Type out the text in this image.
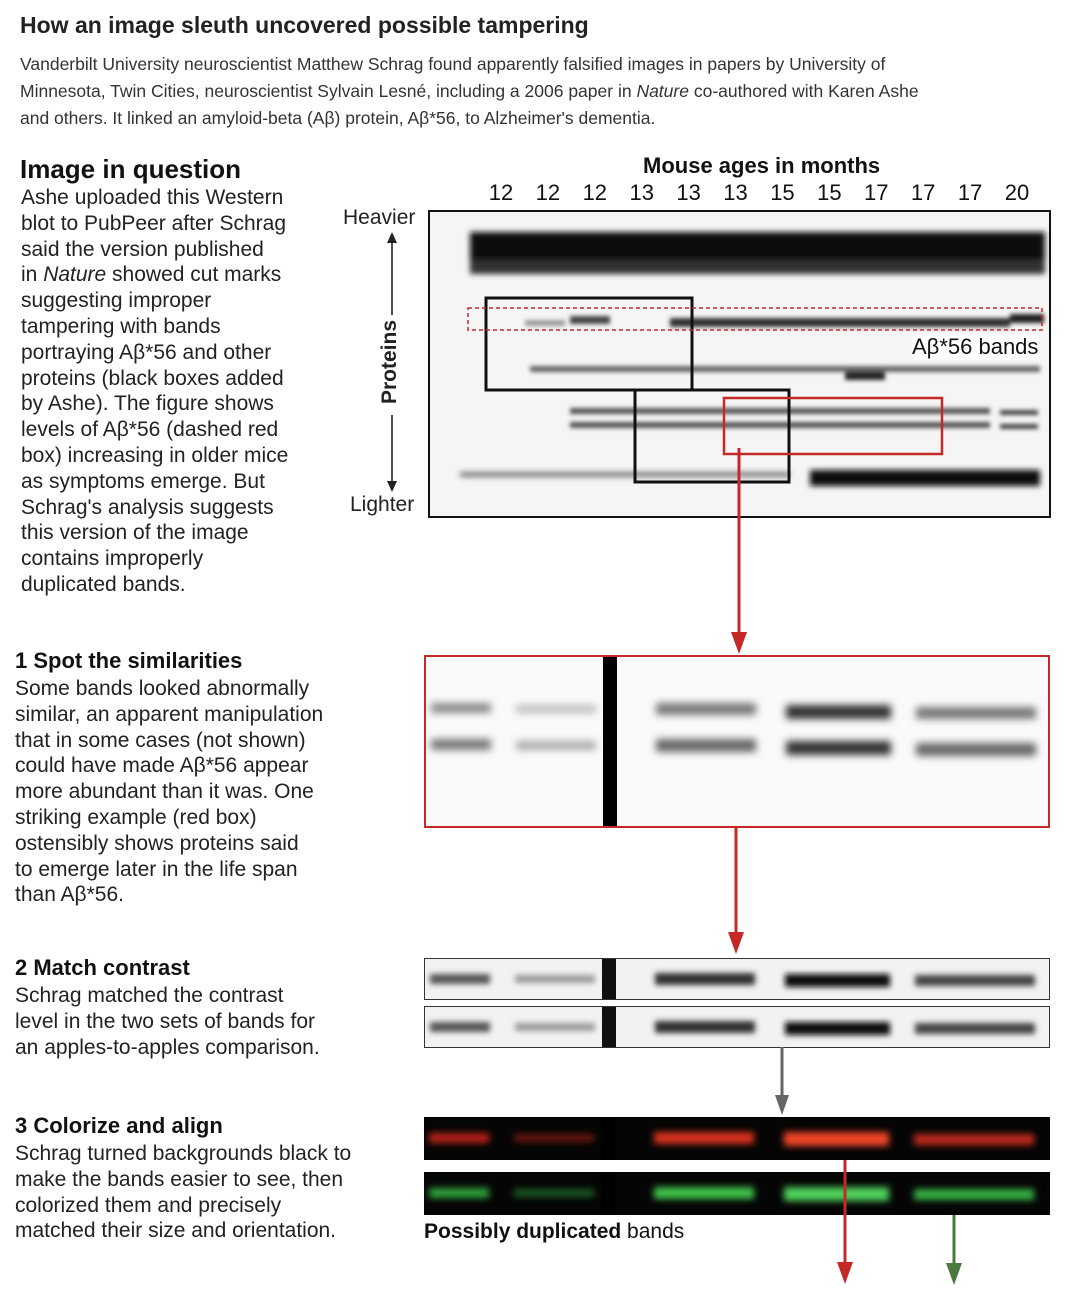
How an image sleuth uncovered possible tampering
Vanderbilt University neuroscientist Matthew Schrag found apparently falsified images in papers by University of
Minnesota, Twin Cities, neuroscientist Sylvain Lesné, including a 2006 paper in Nature co-authored with Karen Ashe
and others. It linked an amyloid-beta (Aβ) protein, Aβ*56, to Alzheimer's dementia.
Image in question
Ashe uploaded this Western
blot to PubPeer after Schrag
said the version published
in Nature showed cut marks
suggesting improper
tampering with bands
portraying Aβ*56 and other
proteins (black boxes added
by Ashe). The figure shows
levels of Aβ*56 (dashed red
box) increasing in older mice
as symptoms emerge. But
Schrag's analysis suggests
this version of the image
contains improperly
duplicated bands.
Mouse ages in months
12	12	12	13	13	13	15	15	17	17	17	20
Heavier
Lighter
Proteins	Aβ*56 bands
1 Spot the similarities
Some bands looked abnormally
similar, an apparent manipulation
that in some cases (not shown)
could have made Aβ*56 appear
more abundant than it was. One
striking example (red box)
ostensibly shows proteins said
to emerge later in the life span
than Aβ*56.
2 Match contrast
Schrag matched the contrast
level in the two sets of bands for
an apples-to-apples comparison.
3 Colorize and align
Schrag turned backgrounds black to
make the bands easier to see, then
colorized them and precisely
matched their size and orientation.	Possibly duplicated bands
